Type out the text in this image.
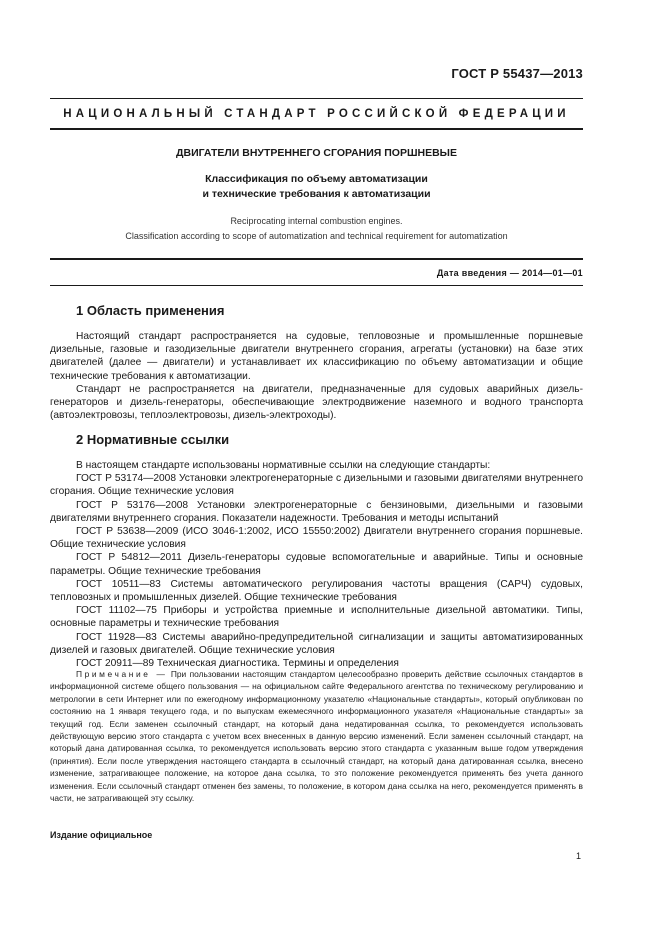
ГОСТ Р 55437—2013
НАЦИОНАЛЬНЫЙ СТАНДАРТ РОССИЙСКОЙ ФЕДЕРАЦИИ
ДВИГАТЕЛИ ВНУТРЕННЕГО СГОРАНИЯ ПОРШНЕВЫЕ
Классификация по объему автоматизации
и технические требования к автоматизации
Reciprocating internal combustion engines.
Classification according to scope of automatization and technical requirement for automatization
Дата введения — 2014—01—01
1 Область применения

Настоящий стандарт распространяется на судовые, тепловозные и промышленные поршневые дизельные, газовые и газодизельные двигатели внутреннего сгорания, агрегаты (установки) на базе этих двигателей (далее — двигатели) и устанавливает их классификацию по объему автоматизации и общие технические требования к автоматизации.

Стандарт не распространяется на двигатели, предназначенные для судовых аварийных дизель-генераторов и дизель-генераторы, обеспечивающие электродвижение наземного и водного транспорта (автоэлектровозы, теплоэлектровозы, дизель-электроходы).

2 Нормативные ссылки

В настоящем стандарте использованы нормативные ссылки на следующие стандарты:

ГОСТ Р 53174—2008 Установки электрогенераторные с дизельными и газовыми двигателями внутреннего сгорания. Общие технические условия

ГОСТ Р 53176—2008 Установки электрогенераторные с бензиновыми, дизельными и газовыми двигателями внутреннего сгорания. Показатели надежности. Требования и методы испытаний

ГОСТ Р 53638—2009 (ИСО 3046-1:2002, ИСО 15550:2002) Двигатели внутреннего сгорания поршневые. Общие технические условия

ГОСТ Р 54812—2011 Дизель-генераторы судовые вспомогательные и аварийные. Типы и основные параметры. Общие технические требования

ГОСТ 10511—83 Системы автоматического регулирования частоты вращения (САРЧ) судовых, тепловозных и промышленных дизелей. Общие технические требования

ГОСТ 11102—75 Приборы и устройства приемные и исполнительные дизельной автоматики. Типы, основные параметры и технические требования

ГОСТ 11928—83 Системы аварийно-предупредительной сигнализации и защиты автоматизированных дизелей и газовых двигателей. Общие технические условия

ГОСТ 20911—89 Техническая диагностика. Термины и определения

Примечание — При пользовании настоящим стандартом целесообразно проверить действие ссылочных стандартов в информационной системе общего пользования — на официальном сайте Федерального агентства по техническому регулированию и метрологии в сети Интернет или по ежегодному информационному указателю «Национальные стандарты», который опубликован по состоянию на 1 января текущего года, и по выпускам ежемесячного информационного указателя «Национальные стандарты» за текущий год. Если заменен ссылочный стандарт, на который дана недатированная ссылка, то рекомендуется использовать действующую версию этого стандарта с учетом всех внесенных в данную версию изменений. Если заменен ссылочный стандарт, на который дана датированная ссылка, то рекомендуется использовать версию этого стандарта с указанным выше годом утверждения (принятия). Если после утверждения настоящего стандарта в ссылочный стандарт, на который дана датированная ссылка, внесено изменение, затрагивающее положение, на которое дана ссылка, то это положение рекомендуется применять без учета данного изменения. Если ссылочный стандарт отменен без замены, то положение, в котором дана ссылка на него, рекомендуется применять в части, не затрагивающей эту ссылку.

Издание официальное
1
